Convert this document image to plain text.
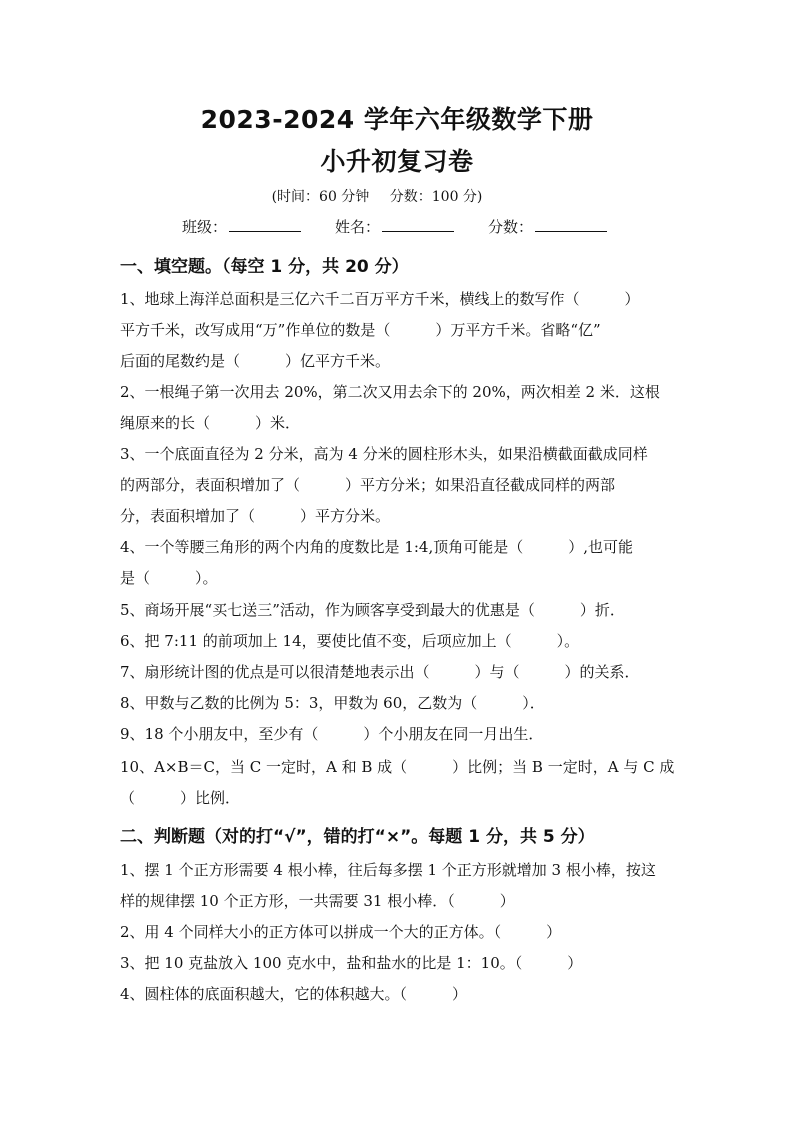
2023-2024 学年六年级数学下册
小升初复习卷
(时间：60 分钟 分数：100 分)
班级：	姓名：	分数：
一、填空题。（每空 1 分，共 20 分）
1、地球上海洋总面积是三亿六千二百万平方千米，横线上的数写作（　　　）
平方千米，改写成用“万”作单位的数是（　　　）万平方千米。省略“亿”
后面的尾数约是（　　　）亿平方千米。
2、一根绳子第一次用去 20%，第二次又用去余下的 20%，两次相差 2 米．这根
绳原来的长（　　　）米．
3、一个底面直径为 2 分米，高为 4 分米的圆柱形木头，如果沿横截面截成同样
的两部分，表面积增加了（　　　）平方分米；如果沿直径截成同样的两部
分，表面积增加了（　　　）平方分米。
4、一个等腰三角形的两个内角的度数比是 1:4,顶角可能是（　　　）,也可能
是（　　　）。
5、商场开展“买七送三”活动，作为顾客享受到最大的优惠是（　　　）折．
6、把 7:11 的前项加上 14，要使比值不变，后项应加上（　　　）。
7、扇形统计图的优点是可以很清楚地表示出（　　　）与（　　　）的关系．
8、甲数与乙数的比例为 5：3，甲数为 60，乙数为（　　　）．
9、18 个小朋友中，至少有（　　　）个小朋友在同一月出生．
10、A×B＝C，当 C 一定时，A 和 B 成（　　　）比例；当 B 一定时，A 与 C 成
（　　　）比例．
二、判断题（对的打“√”，错的打“×”。每题 1 分，共 5 分）
1、摆 1 个正方形需要 4 根小棒，往后每多摆 1 个正方形就增加 3 根小棒，按这
样的规律摆 10 个正方形，一共需要 31 根小棒．（　　　）
2、用 4 个同样大小的正方体可以拼成一个大的正方体。（　　　）
3、把 10 克盐放入 100 克水中，盐和盐水的比是 1：10。（　　　）
4、圆柱体的底面积越大，它的体积越大。（　　　）
